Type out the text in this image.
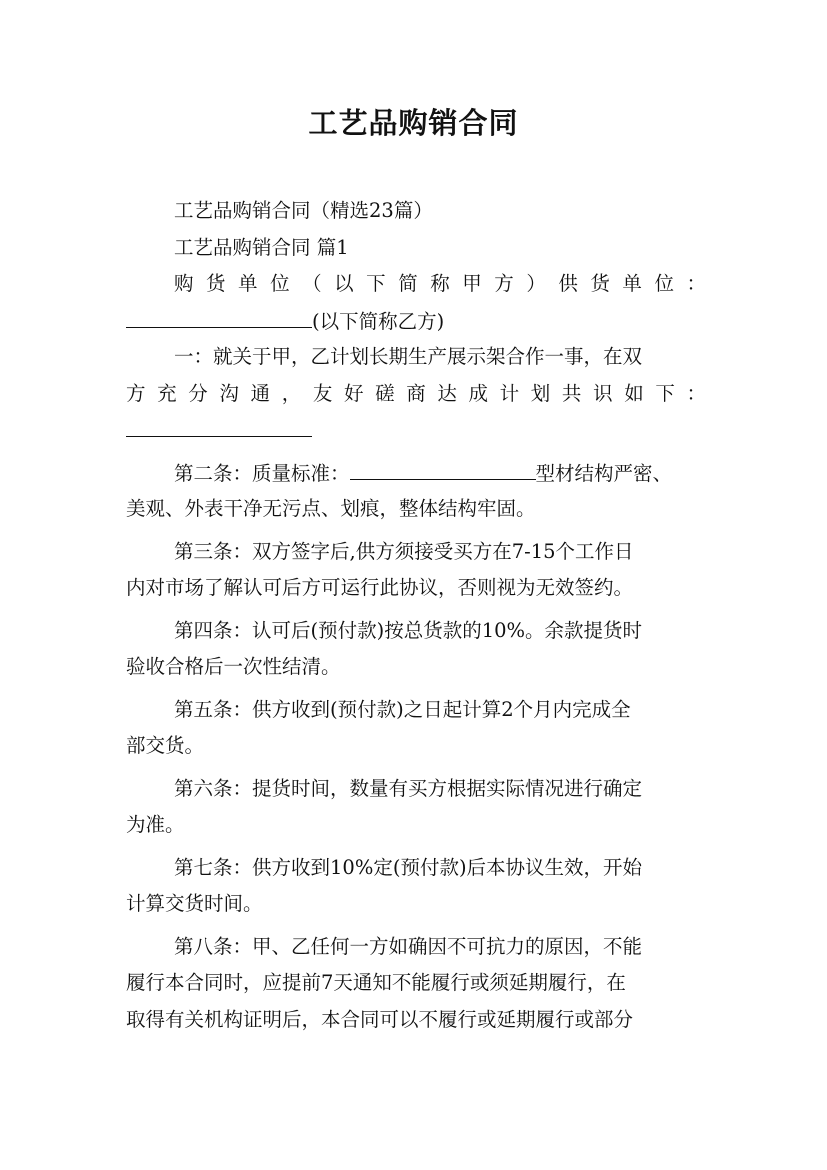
工艺品购销合同
工艺品购销合同（精选23篇）
工艺品购销合同 篇1
购货单位（以下简称甲方）供货单位：
(以下简称乙方)
一：就关于甲，乙计划长期生产展示架合作一事，在双
方充分沟通，友好磋商达成计划共识如下：
第二条：质量标准：	型材结构严密、
美观、外表干净无污点、划痕，整体结构牢固。
第三条：双方签字后,供方须接受买方在7-15个工作日
内对市场了解认可后方可运行此协议，否则视为无效签约。
第四条：认可后(预付款)按总货款的10%。余款提货时
验收合格后一次性结清。
第五条：供方收到(预付款)之日起计算2个月内完成全
部交货。
第六条：提货时间，数量有买方根据实际情况进行确定
为准。
第七条：供方收到10%定(预付款)后本协议生效，开始
计算交货时间。
第八条：甲、乙任何一方如确因不可抗力的原因，不能
履行本合同时，应提前7天通知不能履行或须延期履行，在
取得有关机构证明后，本合同可以不履行或延期履行或部分
